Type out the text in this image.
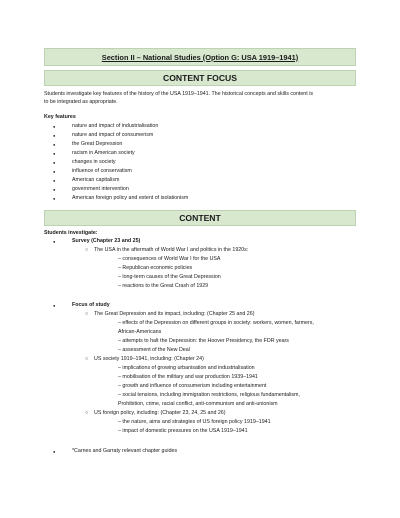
Section II – National Studies (Option G: USA 1919–1941)
CONTENT FOCUS
Students investigate key features of the history of the USA 1919–1941. The historical concepts and skills content is
to be integrated as appropriate.
Key features
● nature and impact of industrialisation
● nature and impact of consumerism
● the Great Depression
● racism in American society
● changes in society
● influence of conservatism
● American capitalism
● government intervention
● American foreign policy and extent of isolationism
CONTENT
Students investigate:
● Survey (Chapter 23 and 25)
○ The USA in the aftermath of World War I and politics in the 1920s:
– consequences of World War I for the USA
– Republican economic policies
– long-term causes of the Great Depression
– reactions to the Great Crash of 1929
● Focus of study
○ The Great Depression and its impact, including: (Chapter 25 and 26)
– effects of the Depression on different groups in society: workers, women, farmers,
African-Americans
– attempts to halt the Depression: the Hoover Presidency, the FDR years
– assessment of the New Deal
○ US society 1919–1941, including: (Chapter 24)
– implications of growing urbanisation and industrialisation
– mobilisation of the military and war production 1939–1941
– growth and influence of consumerism including entertainment
– social tensions, including immigration restrictions, religious fundamentalism,
Prohibition, crime, racial conflict, anti-communism and anti-unionism
○ US foreign policy, including: (Chapter 23, 24, 25 and 26)
– the nature, aims and strategies of US foreign policy 1919–1941
– impact of domestic pressures on the USA 1919–1941
● *Carnes and Garraty relevant chapter guides
